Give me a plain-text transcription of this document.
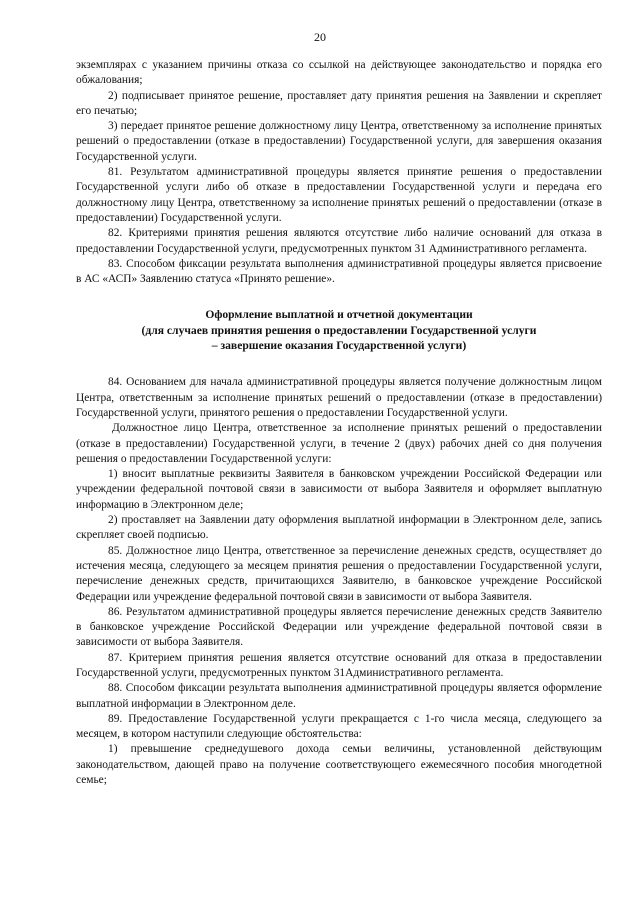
20

экземплярах с указанием причины отказа со ссылкой на действующее законодательство и порядка его обжалования;

2) подписывает принятое решение, проставляет дату принятия решения на Заявлении и скрепляет его печатью;

3) передает принятое решение должностному лицу Центра, ответственному за исполнение принятых решений о предоставлении (отказе в предоставлении) Государственной услуги, для завершения оказания Государственной услуги.

81. Результатом административной процедуры является принятие решения о предоставлении Государственной услуги либо об отказе в предоставлении Государственной услуги и передача его должностному лицу Центра, ответственному за исполнение принятых решений о предоставлении (отказе в предоставлении) Государственной услуги.

82. Критериями принятия решения являются отсутствие либо наличие оснований для отказа в предоставлении Государственной услуги, предусмотренных пунктом 31 Административного регламента.

83. Способом фиксации результата выполнения административной процедуры является присвоение в АС «АСП» Заявлению статуса «Принято решение».

Оформление выплатной и отчетной документации
(для случаев принятия решения о предоставлении Государственной услуги
– завершение оказания Государственной услуги)

84. Основанием для начала административной процедуры является получение должностным лицом Центра, ответственным за исполнение принятых решений о предоставлении (отказе в предоставлении) Государственной услуги, принятого решения о предоставлении Государственной услуги.

Должностное лицо Центра, ответственное за исполнение принятых решений о предоставлении (отказе в предоставлении) Государственной услуги, в течение 2 (двух) рабочих дней со дня получения решения о предоставлении Государственной услуги:

1) вносит выплатные реквизиты Заявителя в банковском учреждении Российской Федерации или учреждении федеральной почтовой связи в зависимости от выбора Заявителя и оформляет выплатную информацию в Электронном деле;

2) проставляет на Заявлении дату оформления выплатной информации в Электронном деле, запись скрепляет своей подписью.

85. Должностное лицо Центра, ответственное за перечисление денежных средств, осуществляет до истечения месяца, следующего за месяцем принятия решения о предоставлении Государственной услуги, перечисление денежных средств, причитающихся Заявителю, в банковское учреждение Российской Федерации или учреждение федеральной почтовой связи в зависимости от выбора Заявителя.

86. Результатом административной процедуры является перечисление денежных средств Заявителю в банковское учреждение Российской Федерации или учреждение федеральной почтовой связи в зависимости от выбора Заявителя.

87. Критерием принятия решения является отсутствие оснований для отказа в предоставлении Государственной услуги, предусмотренных пунктом 31Административного регламента.

88. Способом фиксации результата выполнения административной процедуры является оформление выплатной информации в Электронном деле.

89. Предоставление Государственной услуги прекращается с 1-го числа месяца, следующего за месяцем, в котором наступили следующие обстоятельства:

1) превышение среднедушевого дохода семьи величины, установленной действующим законодательством, дающей право на получение соответствующего ежемесячного пособия многодетной семье;
